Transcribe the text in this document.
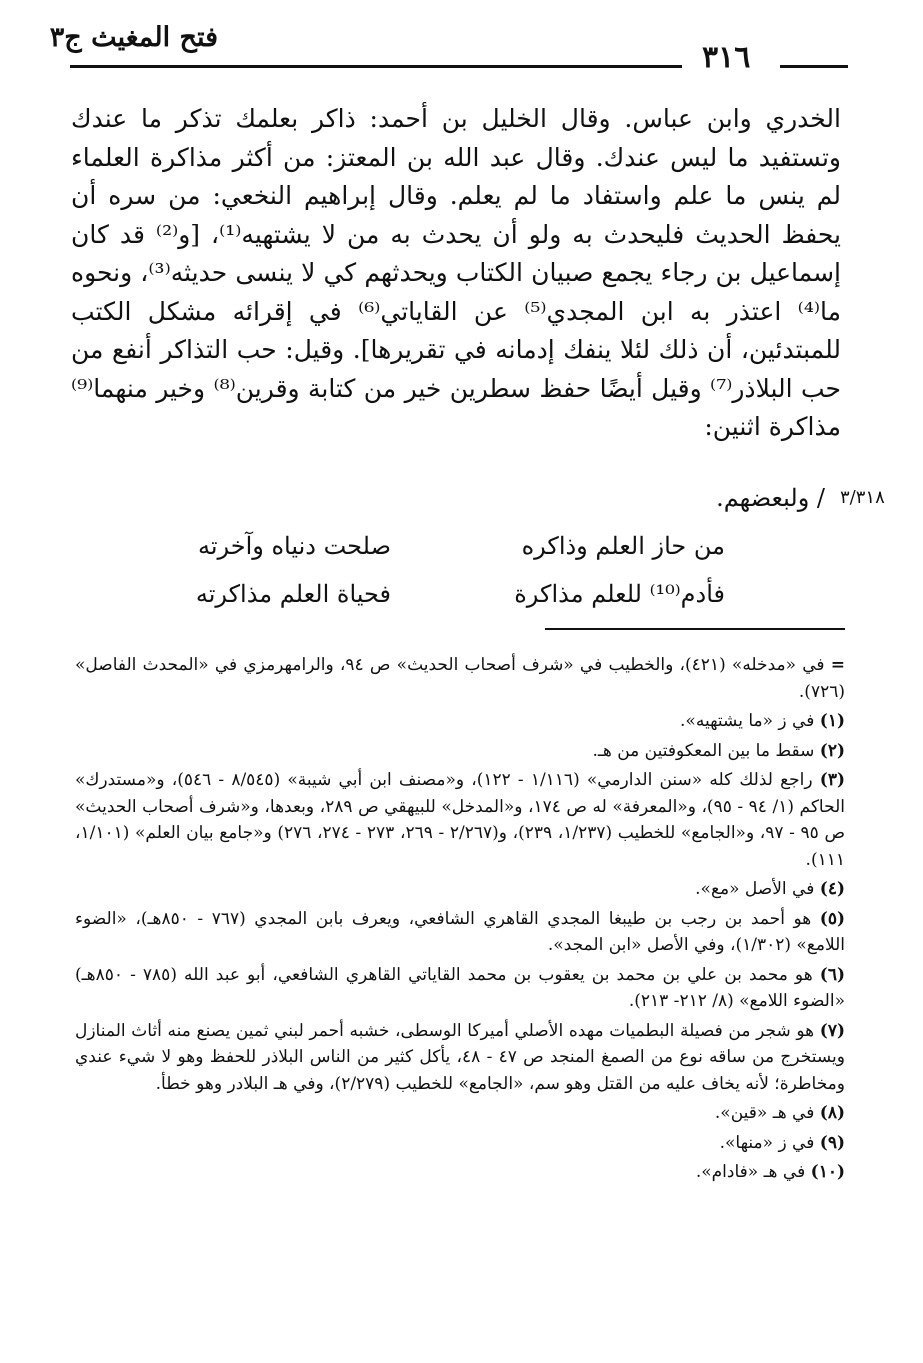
فتح المغيث ج٣
٣١٦

الخدري وابن عباس. وقال الخليل بن أحمد: ذاكر بعلمك تذكر ما عندك وتستفيد ما ليس عندك. وقال عبد الله بن المعتز: من أكثر مذاكرة العلماء لم ينس ما علم واستفاد ما لم يعلم. وقال إبراهيم النخعي: من سره أن يحفظ الحديث فليحدث به ولو أن يحدث به من لا يشتهيه⁽¹⁾، [و⁽²⁾ قد كان إسماعيل بن رجاء يجمع صبيان الكتاب ويحدثهم كي لا ينسى حديثه⁽³⁾، ونحوه ما⁽⁴⁾ اعتذر به ابن المجدي⁽⁵⁾ عن القاياتي⁽⁶⁾ في إقرائه مشكل الكتب للمبتدئين، أن ذلك لئلا ينفك إدمانه في تقريرها]. وقيل: حب التذاكر أنفع من حب البلاذر⁽⁷⁾ وقيل أيضًا حفظ سطرين خير من كتابة وقرين⁽⁸⁾ وخير منهما⁽⁹⁾ مذاكرة اثنين:

٣/٣١٨
/ ولبعضهم.
من حاز العلم وذاكره
صلحت دنياه وآخرته
فأدم⁽¹⁰⁾ للعلم مذاكرة
فحياة العلم مذاكرته

= في «مدخله» (٤٢١)، والخطيب في «شرف أصحاب الحديث» ص ٩٤، والرامهرمزي في «المحدث الفاصل» (٧٢٦).

(١) في ز «ما يشتهيه».

(٢) سقط ما بين المعكوفتين من هـ.

(٣) راجع لذلك كله «سنن الدارمي» (١/١١٦ - ١٢٢)، و«مصنف ابن أبي شيبة» (٨/٥٤٥ - ٥٤٦)، و«مستدرك» الحاكم (١/ ٩٤ - ٩٥)، و«المعرفة» له ص ١٧٤، و«المدخل» للبيهقي ص ٢٨٩، وبعدها، و«شرف أصحاب الحديث» ص ٩٥ - ٩٧، و«الجامع» للخطيب (١/٢٣٧، ٢٣٩)، و(٢/٢٦٧ - ٢٦٩، ٢٧٣ - ٢٧٤، ٢٧٦) و«جامع بيان العلم» (١/١٠١، ١١١).

(٤) في الأصل «مع».

(٥) هو أحمد بن رجب بن طيبغا المجدي القاهري الشافعي، ويعرف بابن المجدي (٧٦٧ - ٨٥٠هـ)، «الضوء اللامع» (١/٣٠٢)، وفي الأصل «ابن المجد».

(٦) هو محمد بن علي بن محمد بن يعقوب بن محمد القاياتي القاهري الشافعي، أبو عبد الله (٧٨٥ - ٨٥٠هـ) «الضوء اللامع» (٨/ ٢١٢- ٢١٣).

(٧) هو شجر من فصيلة البطميات مهده الأصلي أميركا الوسطى، خشبه أحمر لبني ثمين يصنع منه أثاث المنازل ويستخرج من ساقه نوع من الصمغ المنجد ص ٤٧ - ٤٨، يأكل كثير من الناس البلاذر للحفظ وهو لا شيء عندي ومخاطرة؛ لأنه يخاف عليه من القتل وهو سم، «الجامع» للخطيب (٢/٢٧٩)، وفي هـ البلادر وهو خطأ.

(٨) في هـ «قين».

(٩) في ز «منها».

(١٠) في هـ «فادام».
